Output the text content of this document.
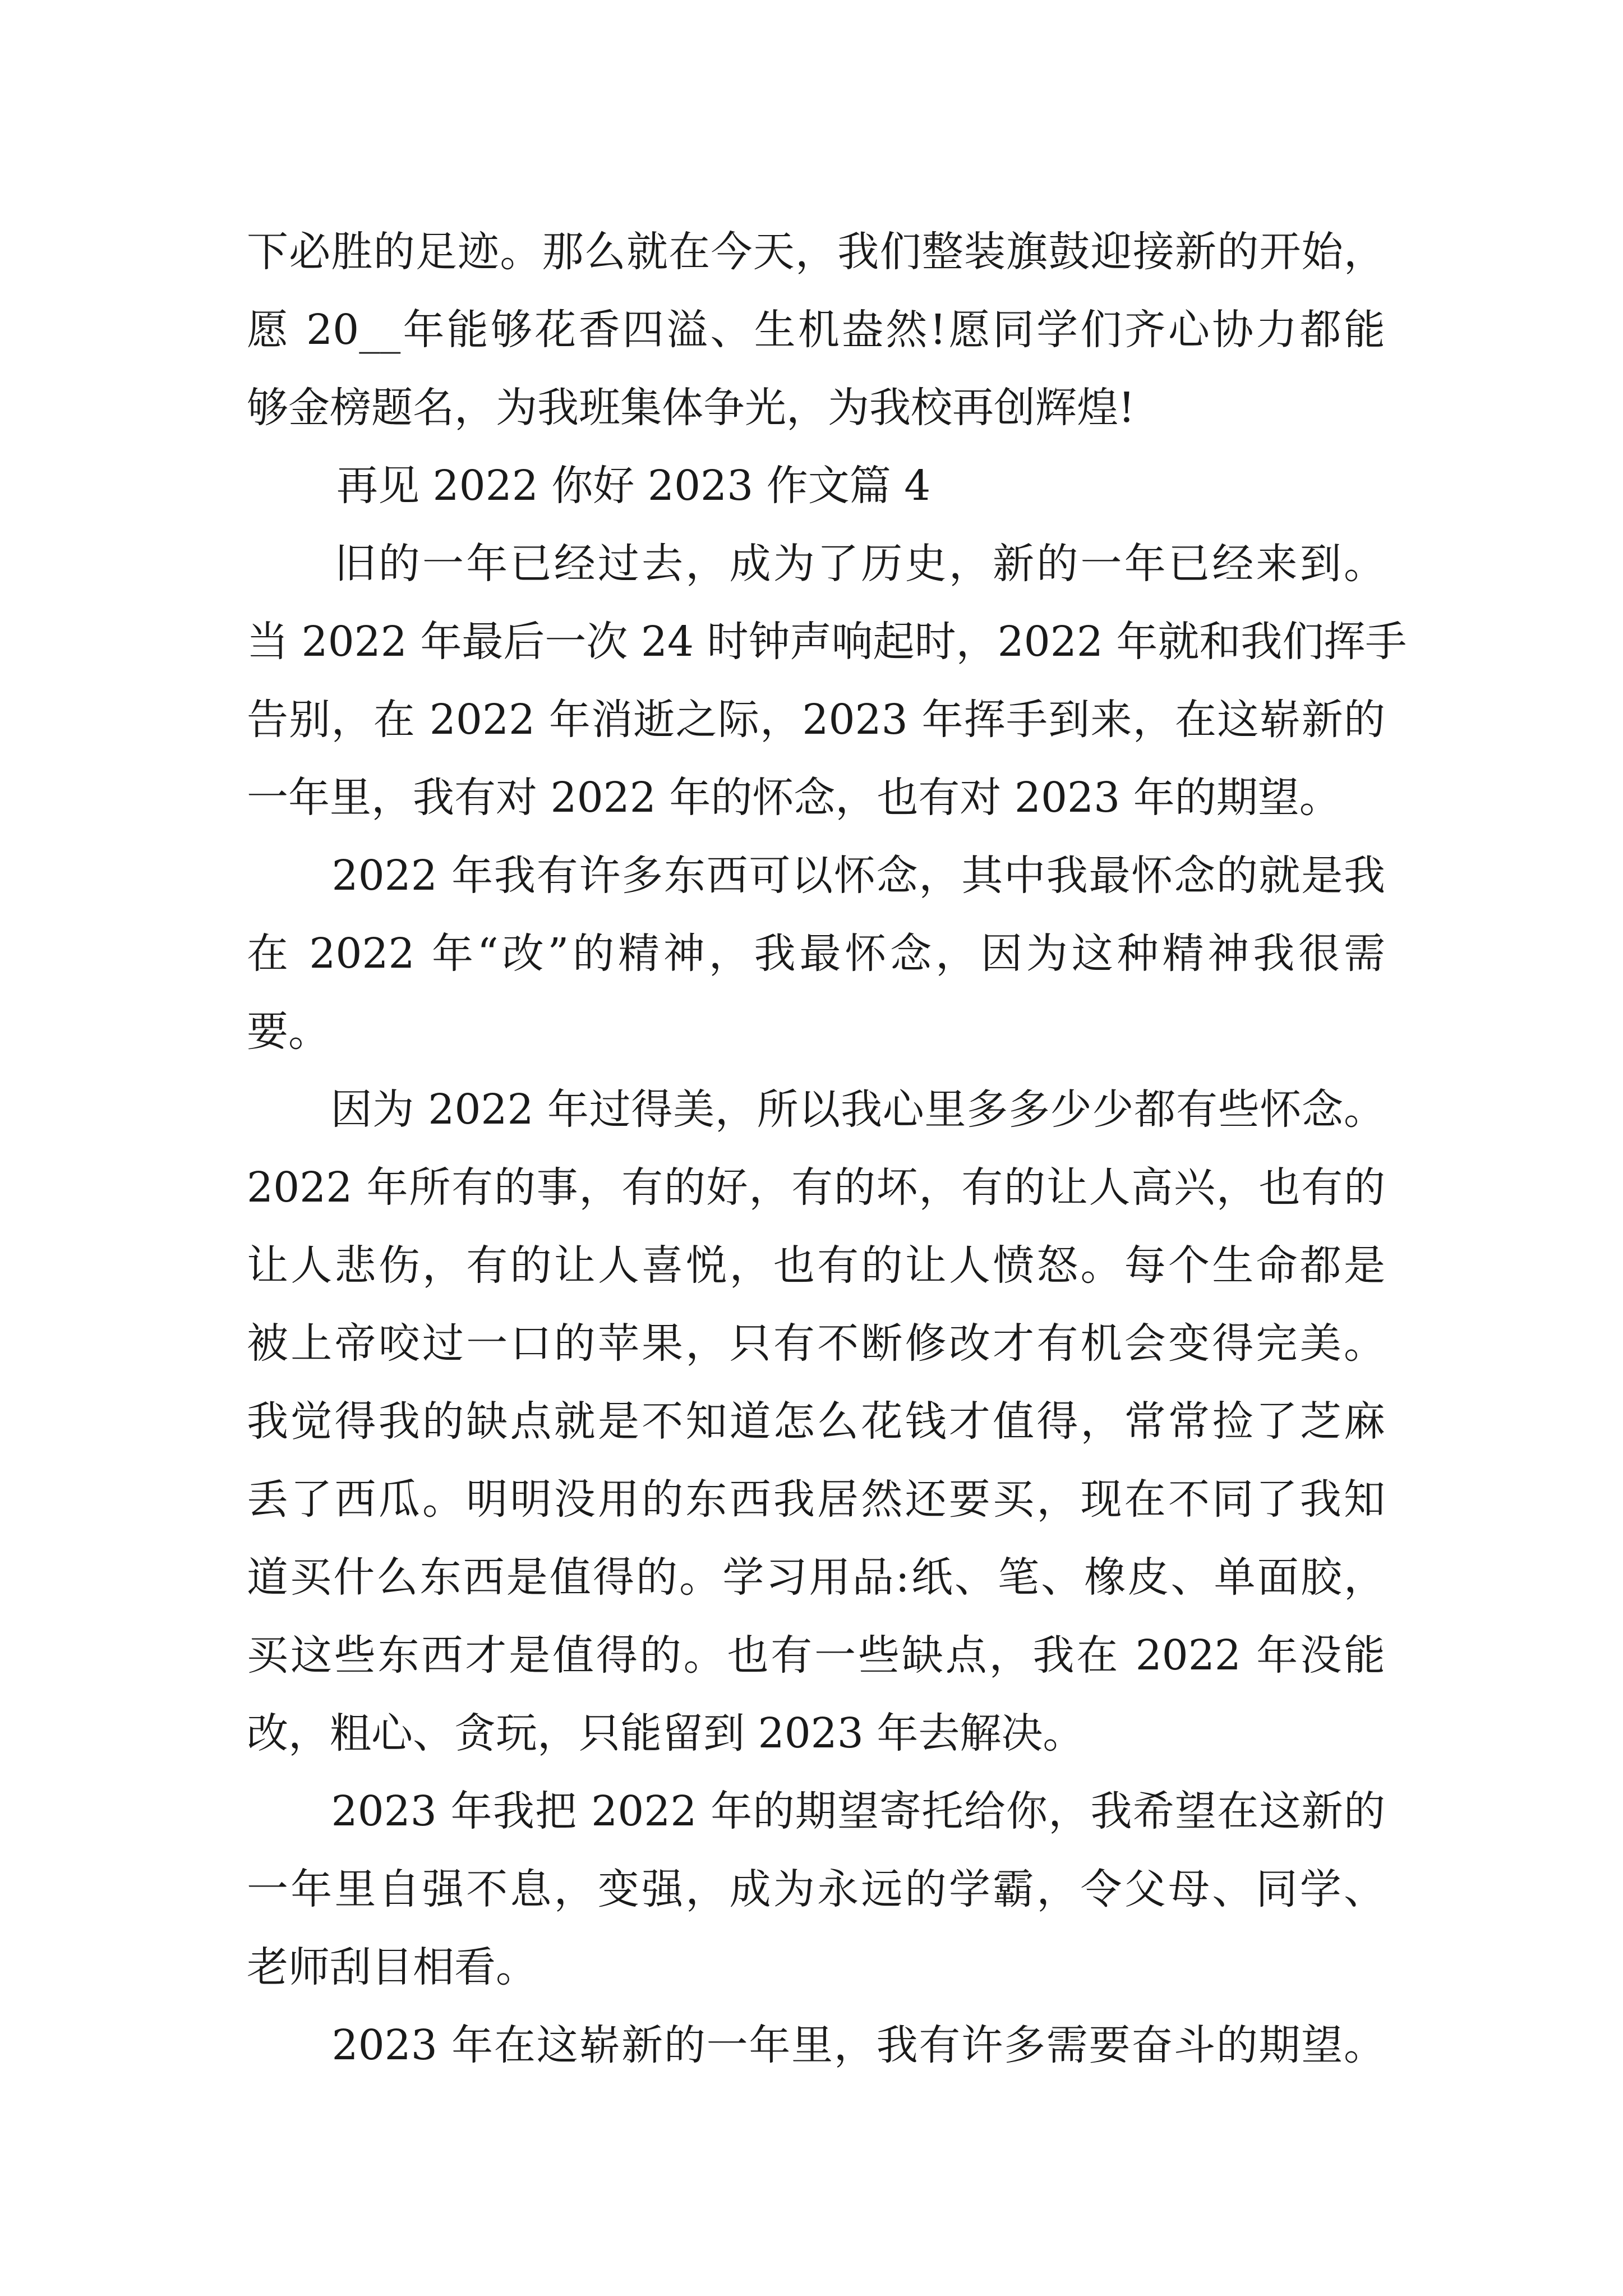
下必胜的足迹。那么就在今天，我们整装旗鼓迎接新的开始，
愿 20__年能够花香四溢、生机盎然!愿同学们齐心协力都能
够金榜题名，为我班集体争光，为我校再创辉煌!
再见 2022 你好 2023 作文篇 4
　　旧的一年已经过去，成为了历史，新的一年已经来到。
当 2022 年最后一次 24 时钟声响起时，2022 年就和我们挥手
告别，在 2022 年消逝之际，2023 年挥手到来，在这崭新的
一年里，我有对 2022 年的怀念，也有对 2023 年的期望。
　　2022 年我有许多东西可以怀念，其中我最怀念的就是我
在 2022 年“改”的精神，我最怀念，因为这种精神我很需
要。
　　因为 2022 年过得美，所以我心里多多少少都有些怀念。
2022 年所有的事，有的好，有的坏，有的让人高兴，也有的
让人悲伤，有的让人喜悦，也有的让人愤怒。每个生命都是
被上帝咬过一口的苹果，只有不断修改才有机会变得完美。
我觉得我的缺点就是不知道怎么花钱才值得，常常捡了芝麻
丢了西瓜。明明没用的东西我居然还要买，现在不同了我知
道买什么东西是值得的。学习用品:纸、笔、橡皮、单面胶，
买这些东西才是值得的。也有一些缺点，我在 2022 年没能
改，粗心、贪玩，只能留到 2023 年去解决。
　　2023 年我把 2022 年的期望寄托给你，我希望在这新的
一年里自强不息，变强，成为永远的学霸，令父母、同学、
老师刮目相看。
　　2023 年在这崭新的一年里，我有许多需要奋斗的期望。
